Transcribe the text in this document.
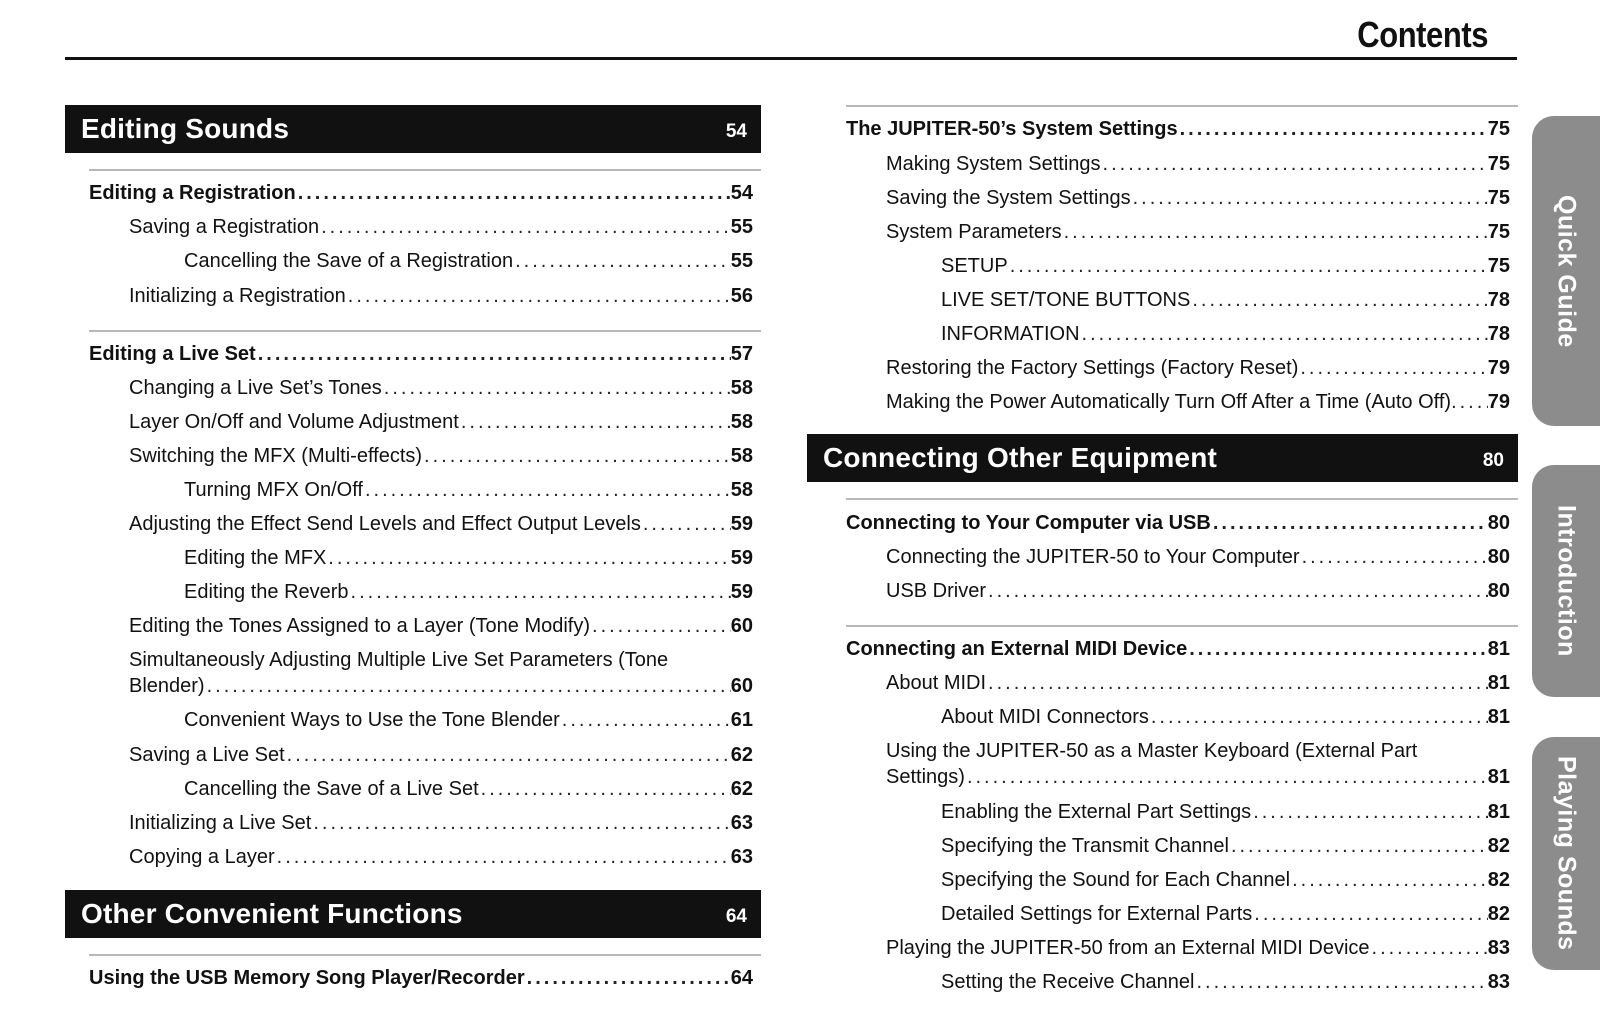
Contents
Editing Sounds	54
Editing a Registration .....	54
Saving a Registration .....	55
Cancelling the Save of a Registration .....	55
Initializing a Registration .....	56
Editing a Live Set .....	57
Changing a Live Set’s Tones .....	58
Layer On/Off and Volume Adjustment .....	58
Switching the MFX (Multi-effects) .....	58
Turning MFX On/Off .....	58
Adjusting the Effect Send Levels and Effect Output Levels .....	59
Editing the MFX .....	59
Editing the Reverb .....	59
Editing the Tones Assigned to a Layer (Tone Modify) .....	60
Simultaneously Adjusting Multiple Live Set Parameters (Tone
Blender) .....	60
Convenient Ways to Use the Tone Blender .....	61
Saving a Live Set .....	62
Cancelling the Save of a Live Set .....	62
Initializing a Live Set .....	63
Copying a Layer .....	63
Other Convenient Functions	64
Using the USB Memory Song Player/Recorder .....	64
The JUPITER-50’s System Settings .....	75
Making System Settings .....	75
Saving the System Settings .....	75
System Parameters .....	75
SETUP .....	75
LIVE SET/TONE BUTTONS .....	78
INFORMATION .....	78
Restoring the Factory Settings (Factory Reset) .....	79
Making the Power Automatically Turn Off After a Time (Auto Off) ..... 79
Connecting Other Equipment	80
Connecting to Your Computer via USB .....	80
Connecting the JUPITER-50 to Your Computer .....	80
USB Driver .....	80
Connecting an External MIDI Device .....	81
About MIDI .....	81
About MIDI Connectors .....	81
Using the JUPITER-50 as a Master Keyboard (External Part
Settings) .....	81
Enabling the External Part Settings .....	81
Specifying the Transmit Channel .....	82
Specifying the Sound for Each Channel .....	82
Detailed Settings for External Parts .....	82
Playing the JUPITER-50 from an External MIDI Device .....	83
Setting the Receive Channel .....	83
Quick Guide
Introduction
Playing Sounds
